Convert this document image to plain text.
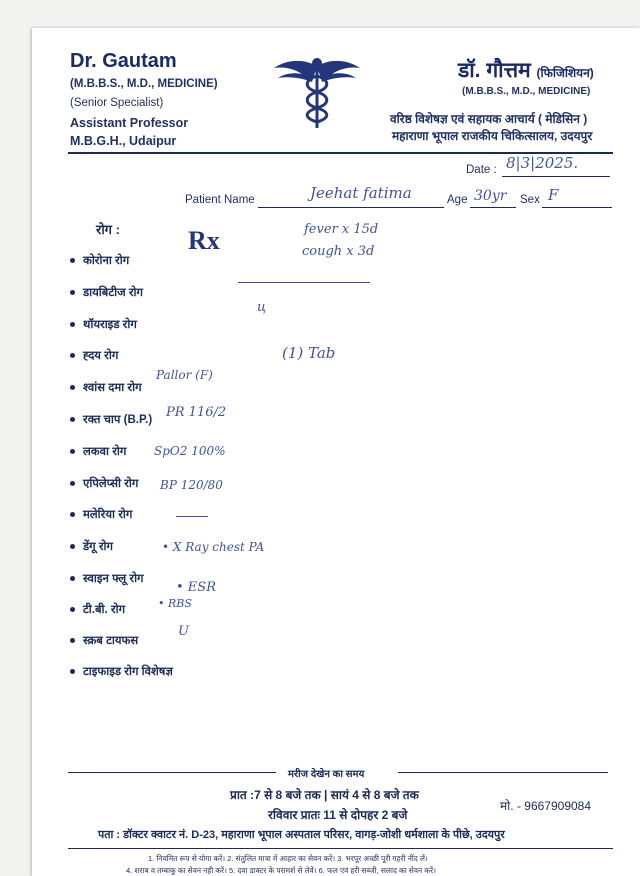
Dr. Gautam
(M.B.B.S., M.D., MEDICINE)
(Senior Specialist)
Assistant Professor
M.B.G.H., Udaipur
डॉ. गौत्तम (फिजिशियन)
(M.B.B.S., M.D., MEDICINE)
वरिष्ठ विशेषज्ञ एवं सहायक आचार्य ( मेडिसिन )
महाराणा भूपाल राजकीय चिकित्सालय, उदयपुर
Date : 8|3|2025.
Patient Name	Jeehat fatima	Age 30yr Sex F
रोग :	Rx
कोरोना रोग
डायबिटीज रोग
थॉयराइड रोग
ह्दय रोग
श्वांस दमा रोग
रक्त चाप (B.P.)
लकवा रोग
एपिलेप्सी रोग
मलेरिया रोग
डेंगू रोग
स्वाइन फ्लू रोग
टी.बी. रोग
स्क्रब टायफस
टाइफाइड रोग विशेषज्ञ
fever x 15d
cough x 3d
ц
(1) Tab
Pallor (F)
PR 116/2
SpO2 100%
BP 120/80
• X Ray chest PA
• ESR
• RBS
U
मरीज देखेन का समय
प्रात :7 से 8 बजे तक | सायं 4 से 8 बजे तक
रविवार प्रातः 11 से दोपहर 2 बजे
मो. - 9667909084
पता : डॉक्टर क्वाटर नं. D-23, महाराणा भूपाल अस्पताल परिसर, वागड़-जोशी धर्मशाला के पीछे, उदयपुर
1. नियमित रूप से योगा करें। 2. संतुलित मात्रा में आहार का सेवन करें। 3. भरपूर अच्छी पूरी गहरी नींद लें।
4. शराब व तम्बाकू का सेवन नही करें। 5. दवा डाक्टर के परामर्श से लेवें। 6. फल एवं हरी सब्जी, सलाद का सेवन करें।
